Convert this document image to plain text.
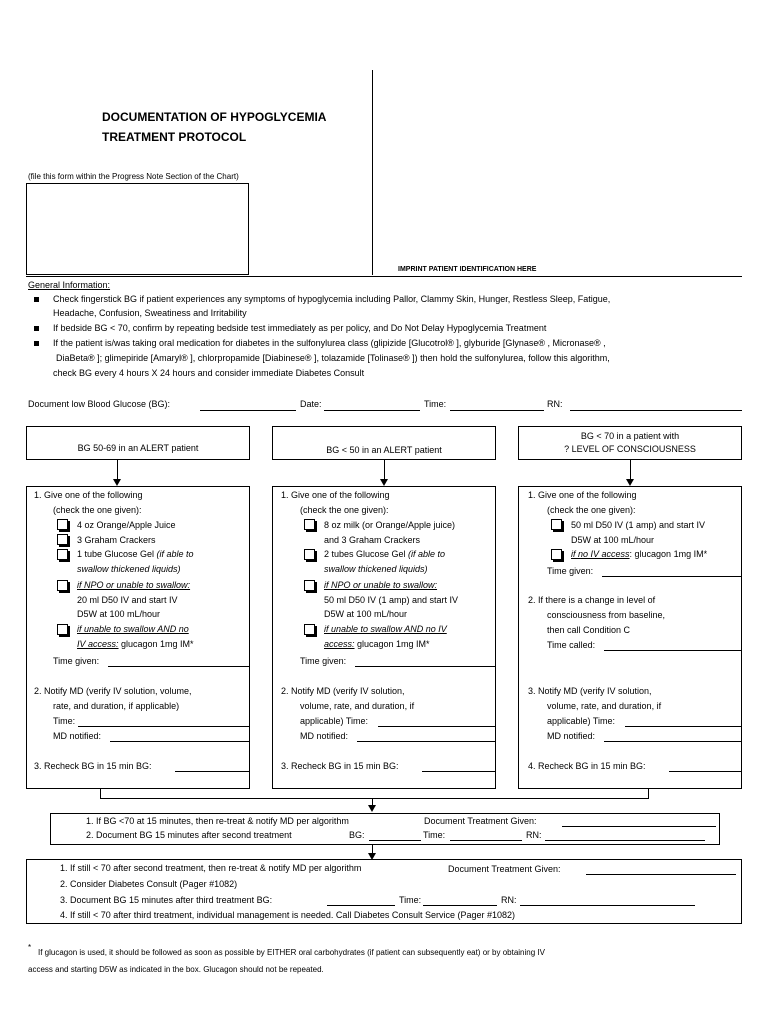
DOCUMENTATION OF HYPOGLYCEMIA
TREATMENT PROTOCOL
(file this form within the Progress Note Section of the Chart)
IMPRINT PATIENT IDENTIFICATION HERE
General Information:
Check fingerstick BG if patient experiences any symptoms of hypoglycemia including Pallor, Clammy Skin, Hunger, Restless Sleep, Fatigue,
Headache, Confusion, Sweatiness and Irritability
If bedside BG < 70, confirm by repeating bedside test immediately as per policy, and Do Not Delay Hypoglycemia Treatment
If the patient is/was taking oral medication for diabetes in the sulfonylurea class (glipizide [Glucotrol® ], glyburide [Glynase® , Micronase® ,
DiaBeta® ]; glimepiride [Amaryl® ], chlorpropamide [Diabinese® ], tolazamide [Tolinase® ]) then hold the sulfonylurea, follow this algorithm,
check BG every 4 hours X 24 hours and consider immediate Diabetes Consult
Document low Blood Glucose (BG):	Date:	Time:	RN:
BG 50-69 in an ALERT patient	BG < 50 in an ALERT patient
BG < 70 in a patient with
? LEVEL OF CONSCIOUSNESS
1. Give one of the following
(check the one given):
4 oz Orange/Apple Juice
3 Graham Crackers
1 tube Glucose Gel (if able to
swallow thickened liquids)
if NPO or unable to swallow:
20 ml D50 IV and start IV
D5W at 100 mL/hour
if unable to swallow AND no
IV access: glucagon 1mg IM*
Time given:
2. Notify MD (verify IV solution, volume,
rate, and duration, if applicable)
Time:
MD notified:
3. Recheck BG in 15 min BG:
1. Give one of the following
(check the one given):
8 oz milk (or Orange/Apple juice)
and 3 Graham Crackers
2 tubes Glucose Gel (if able to
swallow thickened liquids)
if NPO or unable to swallow:
50 ml D50 IV (1 amp) and start IV
D5W at 100 mL/hour
if unable to swallow AND no IV
access: glucagon 1mg IM*
Time given:
2. Notify MD (verify IV solution,
volume, rate, and duration, if
applicable) Time:
MD notified:
3. Recheck BG in 15 min BG:
1. Give one of the following
(check the one given):
50 ml D50 IV (1 amp) and start IV
D5W at 100 mL/hour
if no IV access: glucagon 1mg IM*
Time given:
2. If there is a change in level of
consciousness from baseline,
then call Condition C
Time called:
3. Notify MD (verify IV solution,
volume, rate, and duration, if
applicable) Time:
MD notified:
4. Recheck BG in 15 min BG:
1. If BG <70 at 15 minutes, then re-treat & notify MD per algorithm	Document Treatment Given:
2. Document BG 15 minutes after second treatment	BG:	Time:	RN:
1. If still < 70 after second treatment, then re-treat & notify MD per algorithm	Document Treatment Given:
2. Consider Diabetes Consult (Pager #1082)
3. Document BG 15 minutes after third treatment BG:	Time:	RN:
4. If still < 70 after third treatment, individual management is needed. Call Diabetes Consult Service (Pager #1082)
*
If glucagon is used, it should be followed as soon as possible by EITHER oral carbohydrates (if patient can subsequently eat) or by obtaining IV
access and starting D5W as indicated in the box. Glucagon should not be repeated.
